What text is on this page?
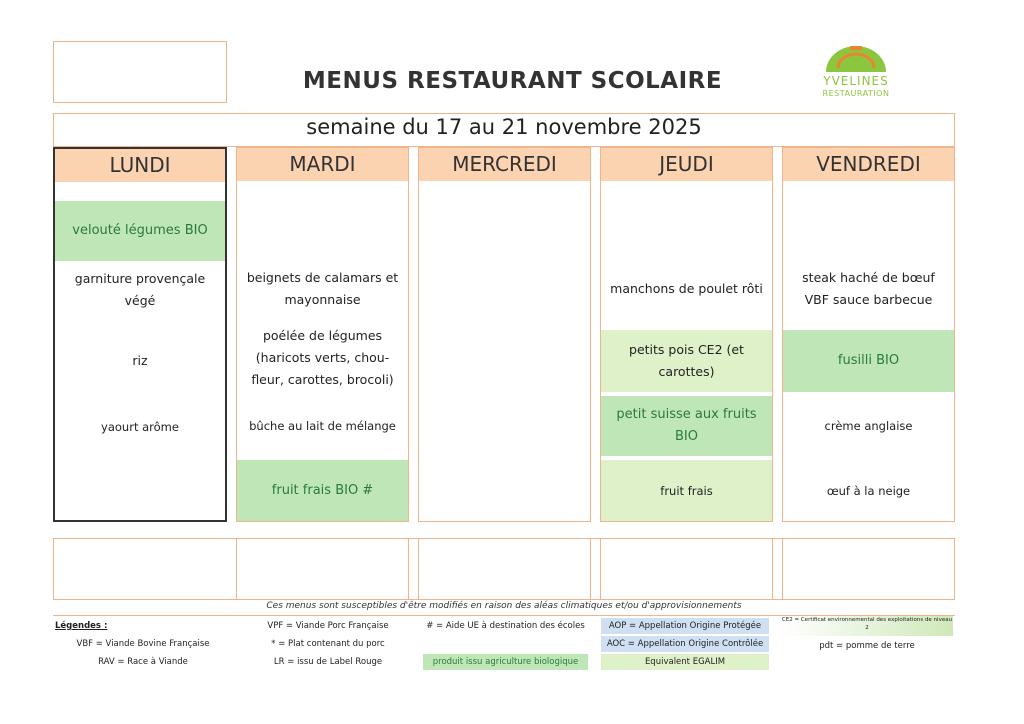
MENUS RESTAURANT SCOLAIRE	YVELINES
RESTAURATION
semaine du 17 au 21 novembre 2025
LUNDI
velouté légumes BIO
garniture provençale végé
riz
yaourt arôme
MARDI
beignets de calamars et mayonnaise
poélée de légumes (haricots verts, chou-fleur, carottes, brocoli)
bûche au lait de mélange
fruit frais BIO #
MERCREDI	JEUDI
manchons de poulet rôti
petits pois CE2 (et carottes)
petit suisse aux fruits BIO
fruit frais
VENDREDI
steak haché de bœuf VBF sauce barbecue
fusilli BIO
crème anglaise
œuf à la neige
Ces menus sont susceptibles d'être modifiés en raison des aléas climatiques et/ou d'approvisionnements
Légendes :
VBF = Viande Bovine Française
RAV = Race à Viande
VPF = Viande Porc Française
* = Plat contenant du porc
LR = issu de Label Rouge
# = Aide UE à destination des écoles
produit issu agriculture biologique
AOP = Appellation Origine Protégée
AOC = Appellation Origine Contrôlée
Equivalent EGALIM
CE2 = Certificat environnemental des exploitations de niveau 2
pdt = pomme de terre
